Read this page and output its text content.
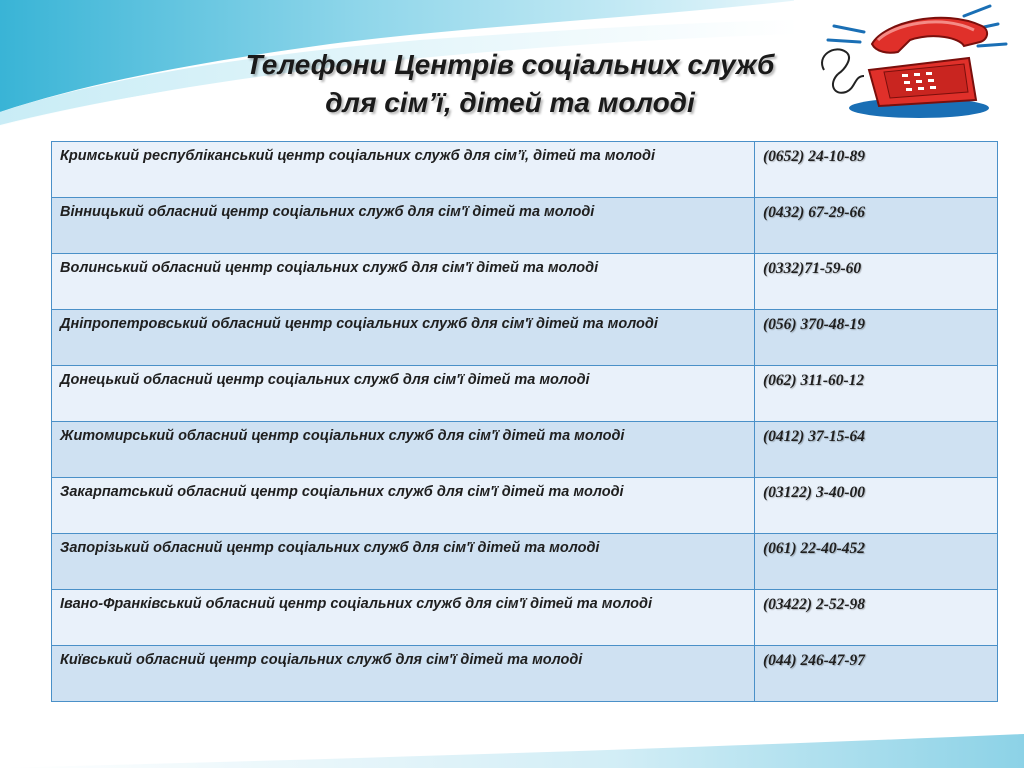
Телефони Центрів соціальних служб
для сім’ї, дітей та молоді
Кримський республіканський центр соціальних служб для сім’ї, дітей та молоді	(0652) 24-10-89
Вінницький обласний центр соціальних служб для сім'ї дітей та молоді	(0432) 67-29-66
Волинський обласний центр соціальних служб для сім'ї дітей та молоді	(0332)71-59-60
Дніпропетровський обласний центр соціальних служб для сім'ї дітей та молоді	(056) 370-48-19
Донецький обласний центр соціальних служб для сім'ї дітей та молоді	(062) 311-60-12
Житомирський обласний центр соціальних служб для сім'ї дітей та молоді	(0412) 37-15-64
Закарпатський обласний центр соціальних служб для сім'ї дітей та молоді	(03122) 3-40-00
Запорізький обласний центр соціальних служб для сім'ї дітей та молоді	(061) 22-40-452
Івано-Франківський обласний центр соціальних служб для сім'ї дітей та молоді	(03422) 2-52-98
Київський обласний центр соціальних служб для сім'ї дітей та молоді	(044) 246-47-97
